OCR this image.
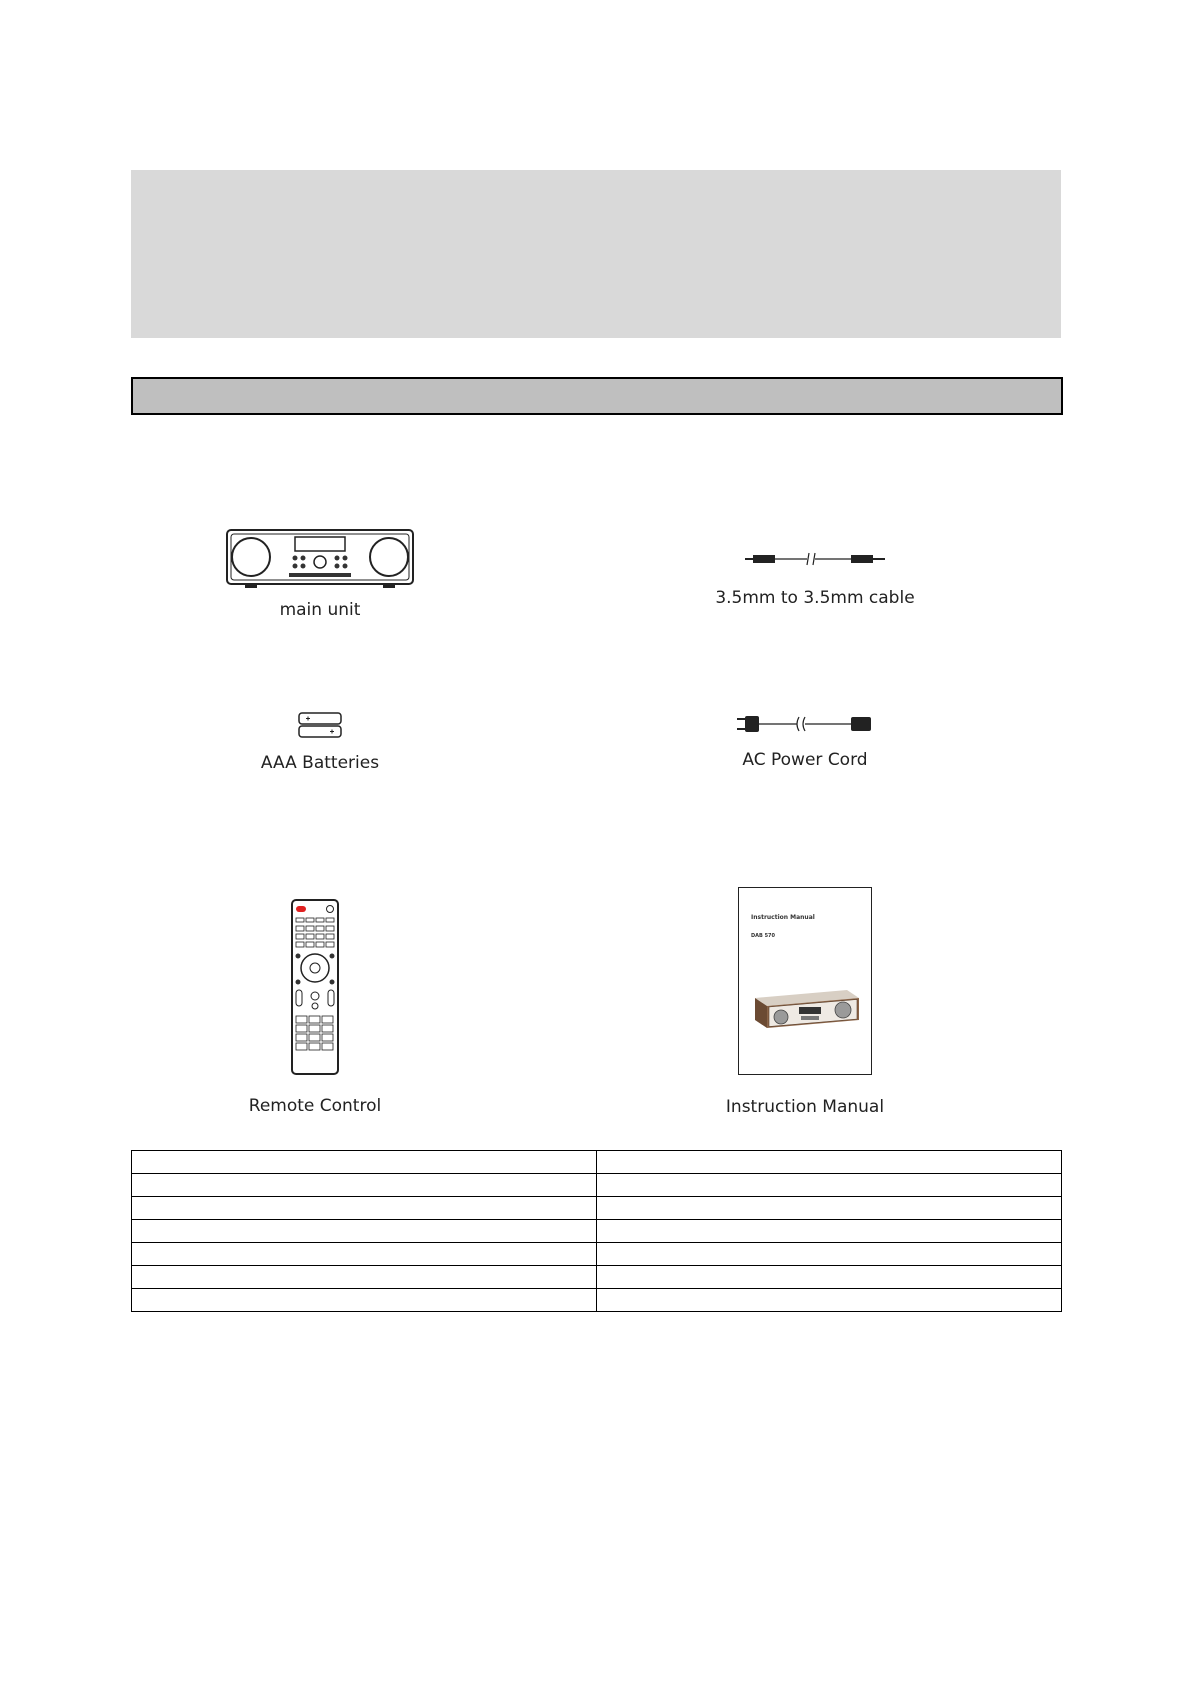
main unit
3.5mm to 3.5mm cable
AAA Batteries	AC Power Cord
Remote Control
Instruction Manual
DAB 570
Instruction Manual
